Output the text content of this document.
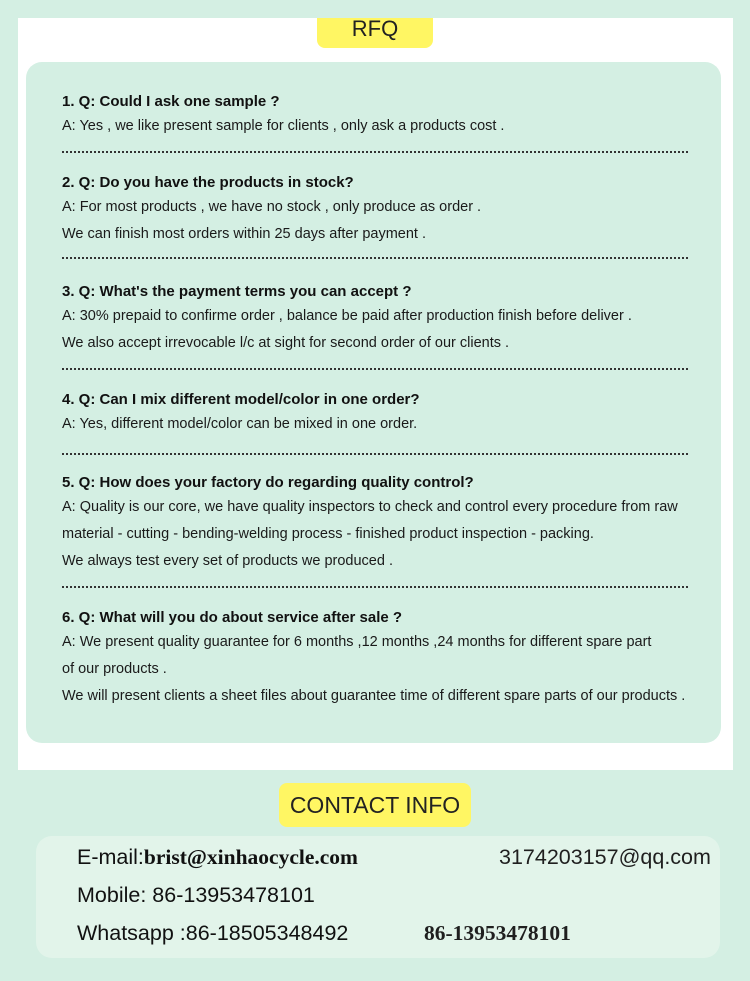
RFQ
1. Q: Could I ask one sample ?
A: Yes , we like present sample for clients , only ask a products cost .
2. Q: Do you have the products in stock?
A: For most products , we have no stock , only produce as order .
We can finish most orders within 25 days after payment .
3. Q: What's the payment terms you can accept ?
A: 30% prepaid to confirme order , balance be paid after production finish before deliver .
We also accept irrevocable l/c at sight for second order of our clients .
4. Q: Can I mix different model/color in one order?
A: Yes, different model/color can be mixed in one order.
5. Q: How does your factory do regarding quality control?
A: Quality is our core, we have quality inspectors to check and control every procedure from raw
material - cutting - bending-welding process - finished product inspection - packing.
We always test every set of products we produced .
6. Q: What will you do about service after sale ?
A: We present quality guarantee for 6 months ,12 months ,24 months for different spare part
of our products .
We will present clients a sheet files about guarantee time of different spare parts of our products .
CONTACT INFO
E-mail:brist@xinhaocycle.com	3174203157@qq.com
Mobile: 86-13953478101
Whatsapp :86-18505348492	86-13953478101
